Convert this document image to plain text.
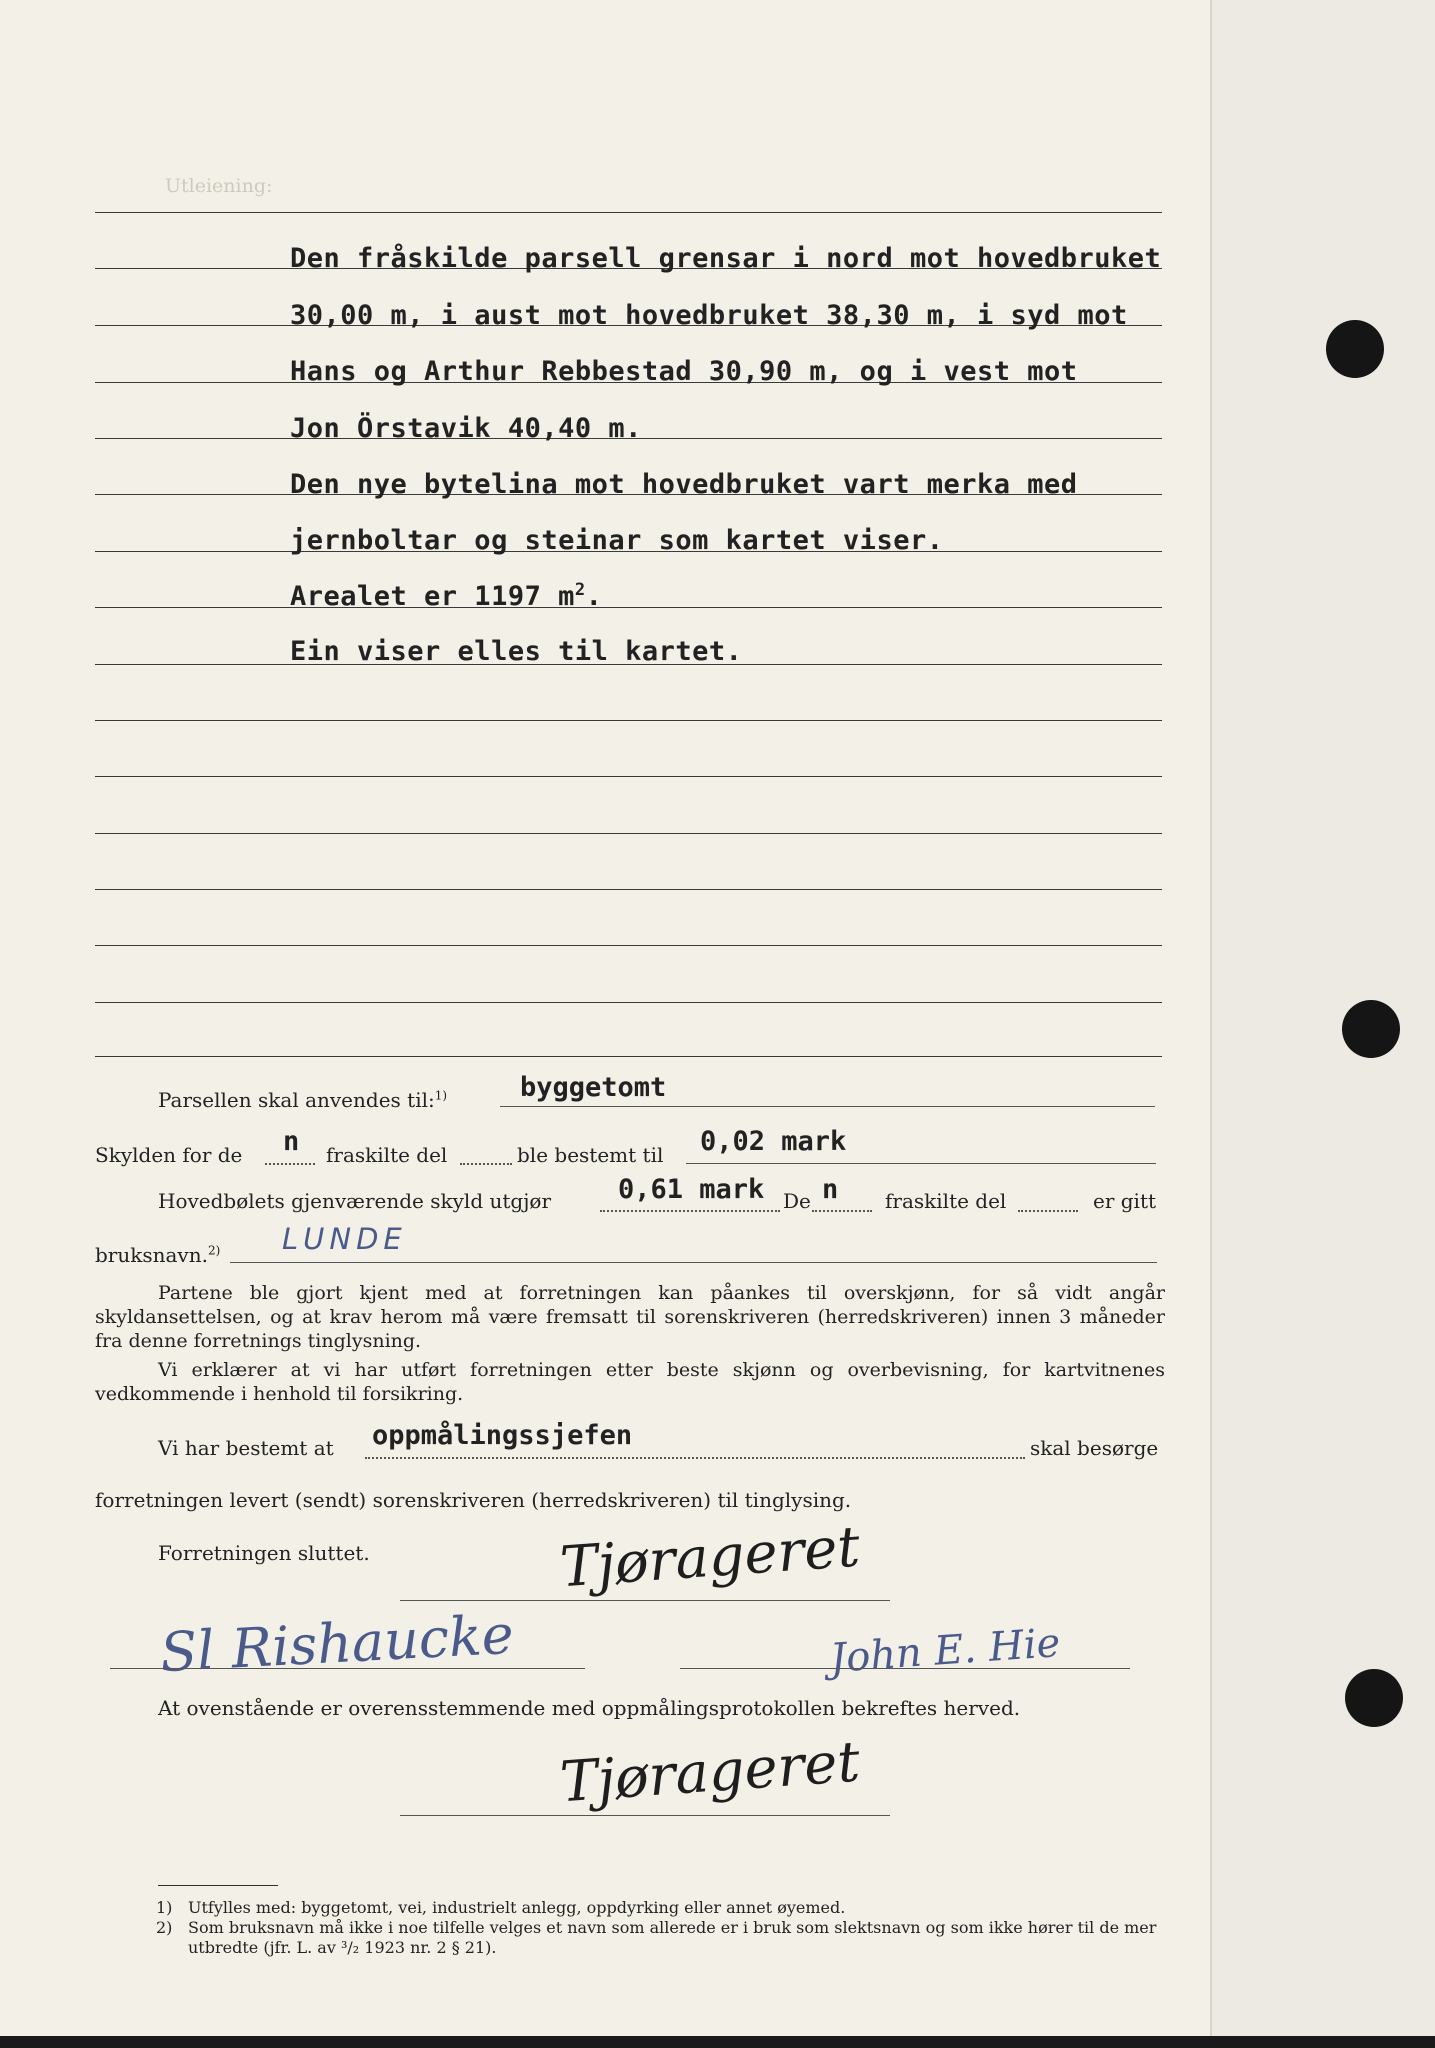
Utleiening:
Den fråskilde parsell grensar i nord mot hovedbruket
30,00 m, i aust mot hovedbruket 38,30 m, i syd mot
Hans og Arthur Rebbestad 30,90 m, og i vest mot
Jon Örstavik 40,40 m.
Den nye bytelina mot hovedbruket vart merka med
jernboltar og steinar som kartet viser.
Arealet er 1197 $m^2$.
Ein viser elles til kartet.
Parsellen skal anvendes til:$^{1)}$	byggetomt
Skylden for de n fraskilte del	ble bestemt til 0,02 mark
Hovedbølets gjenværende skyld utgjør 0,61 mark De n fraskilte del	er gitt
bruksnavn.$^{2)}$ LUNDE
Partene ble gjort kjent med at forretningen kan påankes til overskjønn, for så vidt angår skyldansettelsen, og at krav herom må være fremsatt til sorenskriveren (herredskriveren) innen 3 måneder fra denne forretnings tinglysning.
Vi erklærer at vi har utført forretningen etter beste skjønn og overbevisning, for kartvitnenes vedkommende i henhold til forsikring.
Vi har bestemt at oppmålingssjefen	skal besørge
forretningen levert (sendt) sorenskriveren (herredskriveren) til tinglysing.
Forretningen sluttet.	Tjørageret
Sl Rishaucke	John E. Hie
At ovenstående er overensstemmende med oppmålingsprotokollen bekreftes herved.
Tjørageret
1) Utfylles med: byggetomt, vei, industrielt anlegg, oppdyrking eller annet øyemed.
2) Som bruksnavn må ikke i noe tilfelle velges et navn som allerede er i bruk som slektsnavn og som ikke hører til de mer utbredte (jfr. L. av ³/₂ 1923 nr. 2 § 21).
